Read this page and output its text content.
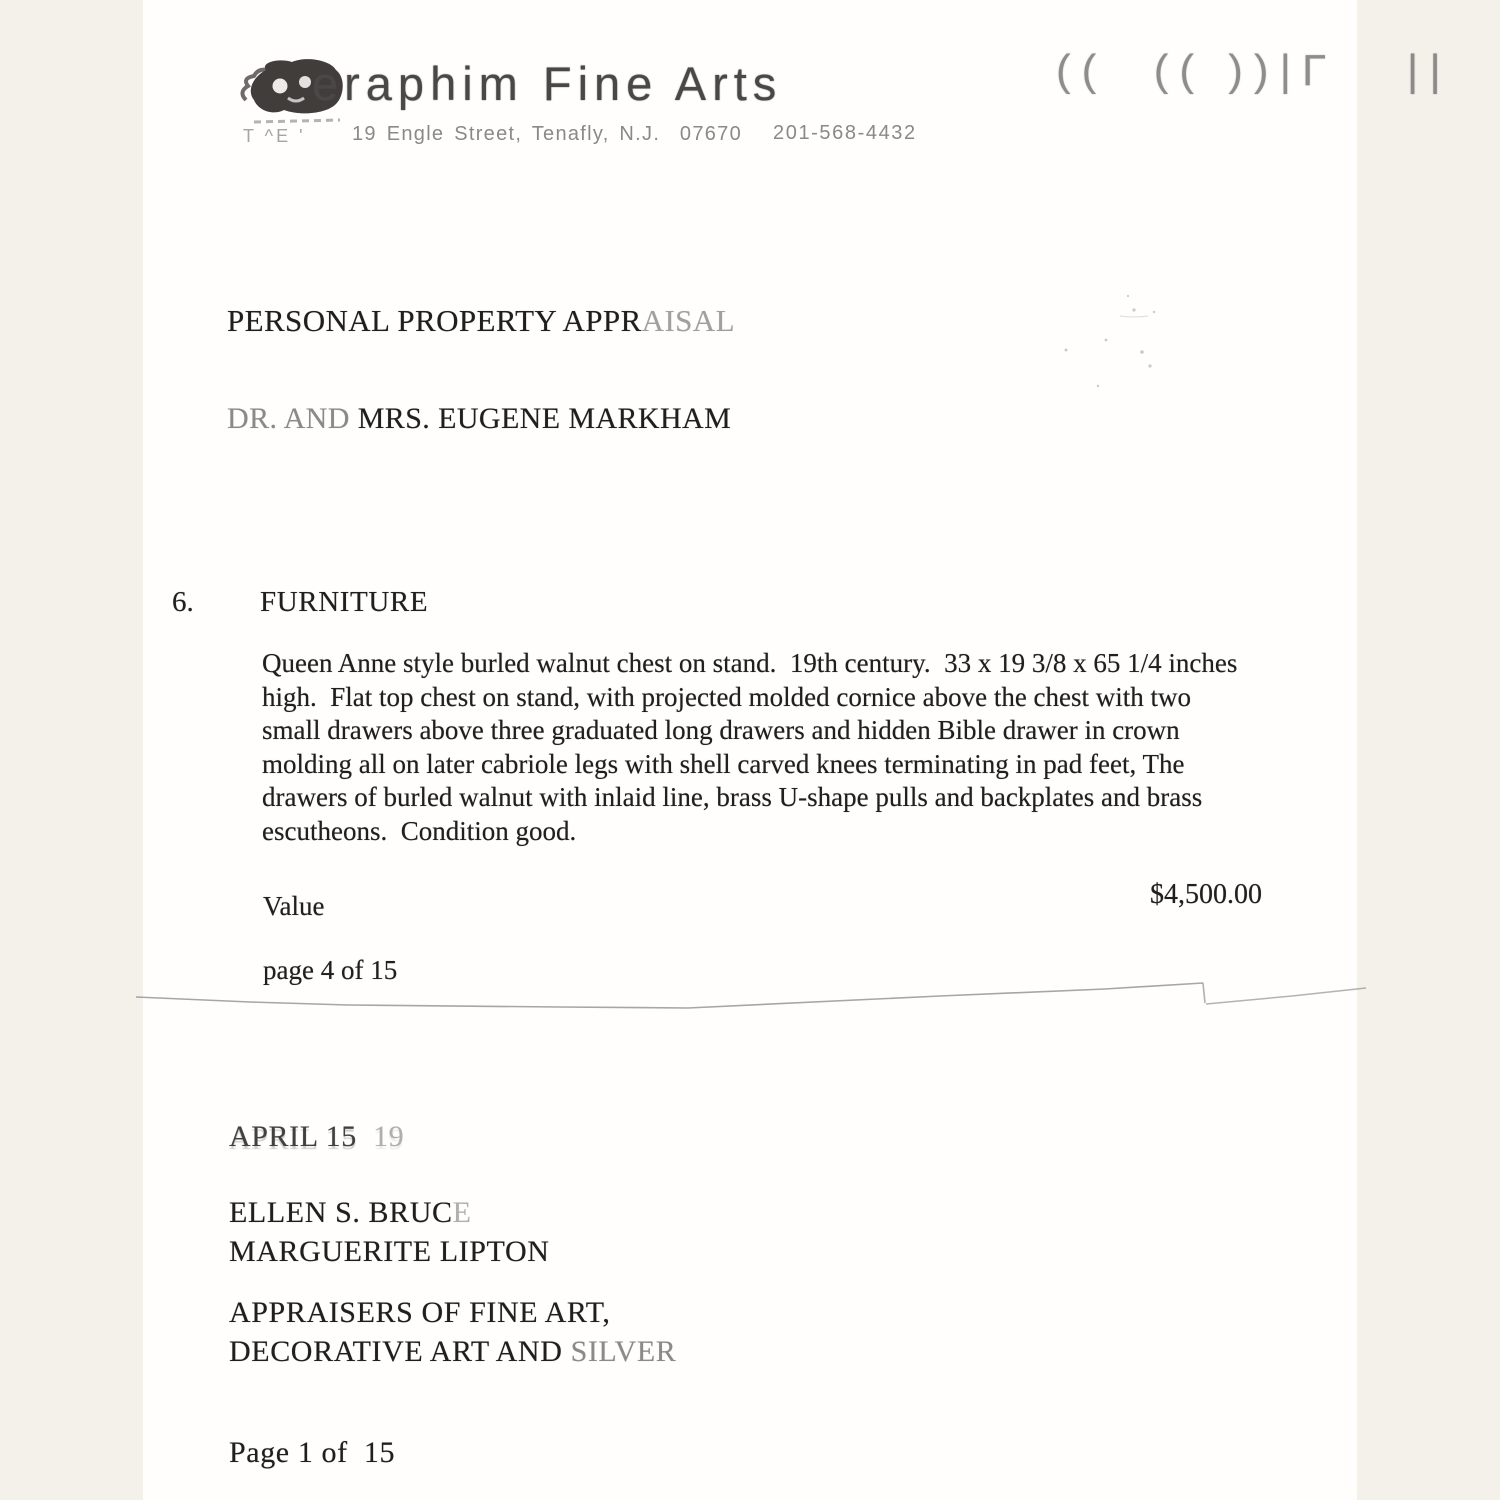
eraphim Fine Arts
T ^E ' 19 Engle Street, Tenafly, N.J.  07670 201-568-4432
((  (( ))|Γ   ||
PERSONAL PROPERTY APPRAISAL
DR. AND MRS. EUGENE MARKHAM
6. FURNITURE
Queen Anne style burled walnut chest on stand.  19th century.  33 x 19 3/8 x 65 1/4 inches
high.  Flat top chest on stand, with projected molded cornice above the chest with two
small drawers above three graduated long drawers and hidden Bible drawer in crown
molding all on later cabriole legs with shell carved knees terminating in pad feet, The
drawers of burled walnut with inlaid line, brass U-shape pulls and backplates and brass
escutheons.  Condition good.
Value	$4,500.00
page 4 of 15
APRIL 15  19
ELLEN S. BRUCE
MARGUERITE LIPTON
APPRAISERS OF FINE ART,
DECORATIVE ART AND SILVER
Page 1 of  15
